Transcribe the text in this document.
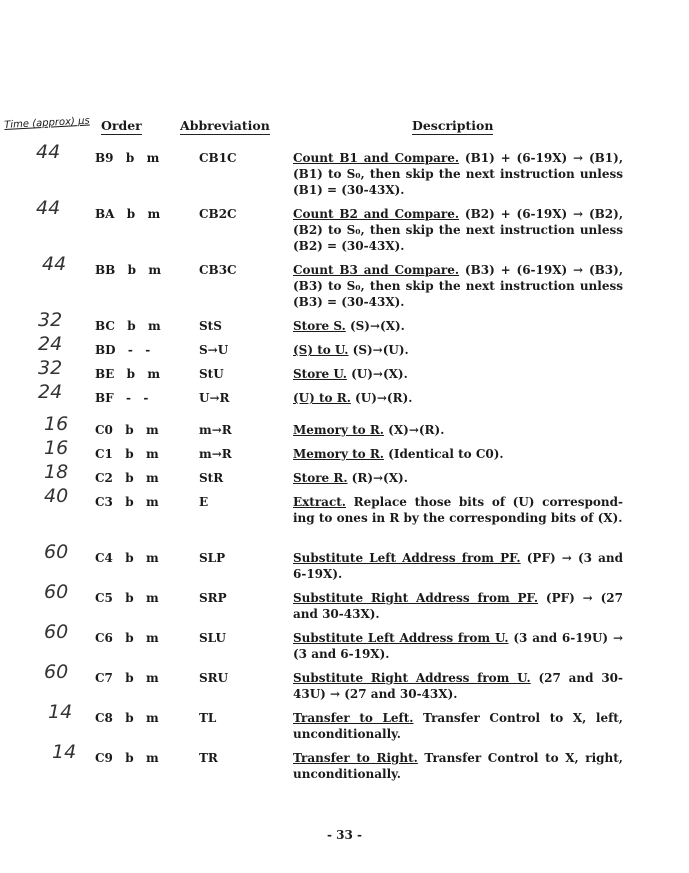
Time (approx) µs Order	Abbreviation	Description
44	B9  b  m	CB1C	Count B1 and Compare. (B1) + (6-19X) → (B1), (B1) to S₀, then skip the next instruction unless (B1) = (30-43X).
44	BA  b  m	CB2C	Count B2 and Compare. (B2) + (6-19X) → (B2), (B2) to S₀, then skip the next instruction unless (B2) = (30-43X).
44 BB  b  m	CB3C	Count B3 and Compare. (B3) + (6-19X) → (B3), (B3) to S₀, then skip the next instruction unless (B3) = (30-43X).
32	BC  b  m	StS	Store S. (S)→(X).
24	BD  -  -	S→U	(S) to U. (S)→(U).
32	BE  b  m	StU	Store U. (U)→(X).
24	BF  -  -	U→R	(U) to R. (U)→(R).
16 C0  b  m	m→R	Memory to R. (X)→(R).
16 C1  b  m	m→R	Memory to R. (Identical to C0).
18 C2  b  m	StR	Store R. (R)→(X).
40 C3  b  m	E	Extract. Replace those bits of (U) correspond-ing to ones in R by the corresponding bits of (X).
60 C4  b  m	SLP	Substitute Left Address from PF. (PF) → (3 and 6-19X).
60 C5  b  m	SRP	Substitute Right Address from PF. (PF) → (27 and 30-43X).
60 C6  b  m	SLU	Substitute Left Address from U. (3 and 6-19U) → (3 and 6-19X).
60 C7  b  m	SRU	Substitute Right Address from U. (27 and 30-43U) → (27 and 30-43X).
14 C8  b  m	TL	Transfer to Left. Transfer Control to X, left, unconditionally.
14 C9  b  m	TR	Transfer to Right. Transfer Control to X, right, unconditionally.
- 33 -
